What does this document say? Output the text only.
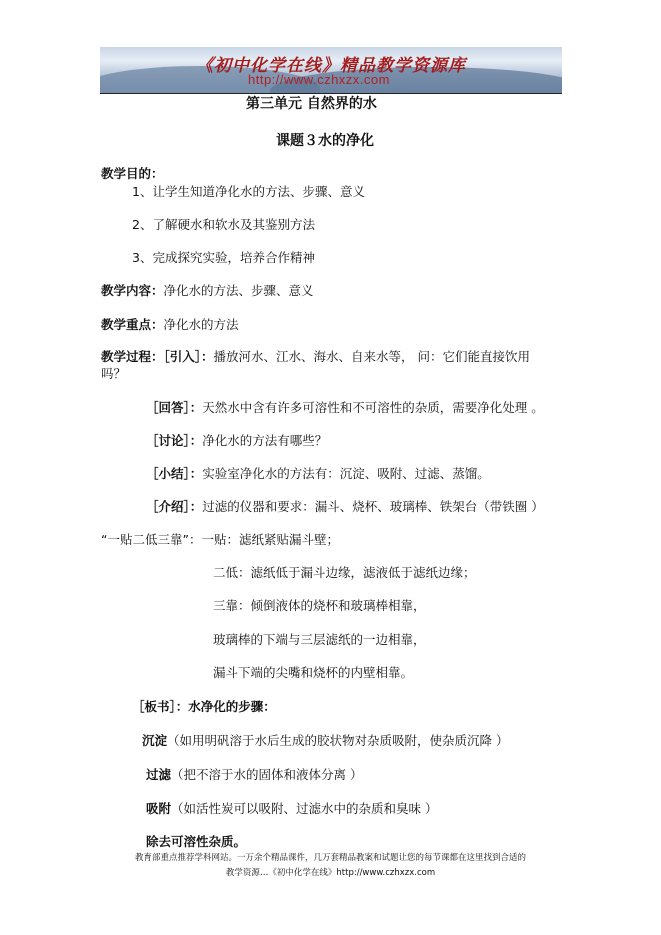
《初中化学在线》精品教学资源库
http://www.czhxzx.com
第三单元 自然界的水
课题３水的净化
教学目的：
1、让学生知道净化水的方法、步骤、意义
2、了解硬水和软水及其鉴别方法
3、完成探究实验，培养合作精神
教学内容：净化水的方法、步骤、意义
教学重点：净化水的方法
教学过程：［引入］：播放河水、江水、海水、自来水等， 问：它们能直接饮用
吗？
［回答］：天然水中含有许多可溶性和不可溶性的杂质，需要净化处理 。
［讨论］：净化水的方法有哪些？
［小结］：实验室净化水的方法有：沉淀、吸附、过滤、蒸馏。
［介绍］：过滤的仪器和要求：漏斗、烧杯、玻璃棒、铁架台（带铁圈 ）
“一贴二低三靠”：一贴：滤纸紧贴漏斗壁；
二低：滤纸低于漏斗边缘，滤液低于滤纸边缘；
三靠：倾倒液体的烧杯和玻璃棒相靠，
玻璃棒的下端与三层滤纸的一边相靠，
漏斗下端的尖嘴和烧杯的内壁相靠。
［板书］：水净化的步骤：
沉淀（如用明矾溶于水后生成的胶状物对杂质吸附，使杂质沉降 ）
过滤（把不溶于水的固体和液体分离 ）
吸附（如活性炭可以吸附、过滤水中的杂质和臭味 ）
除去可溶性杂质。
教育部重点推荐学科网站。一万余个精品课件，几万套精品教案和试题让您的每节课都在这里找到合适的
教学资源…《初中化学在线》http://www.czhxzx.com
